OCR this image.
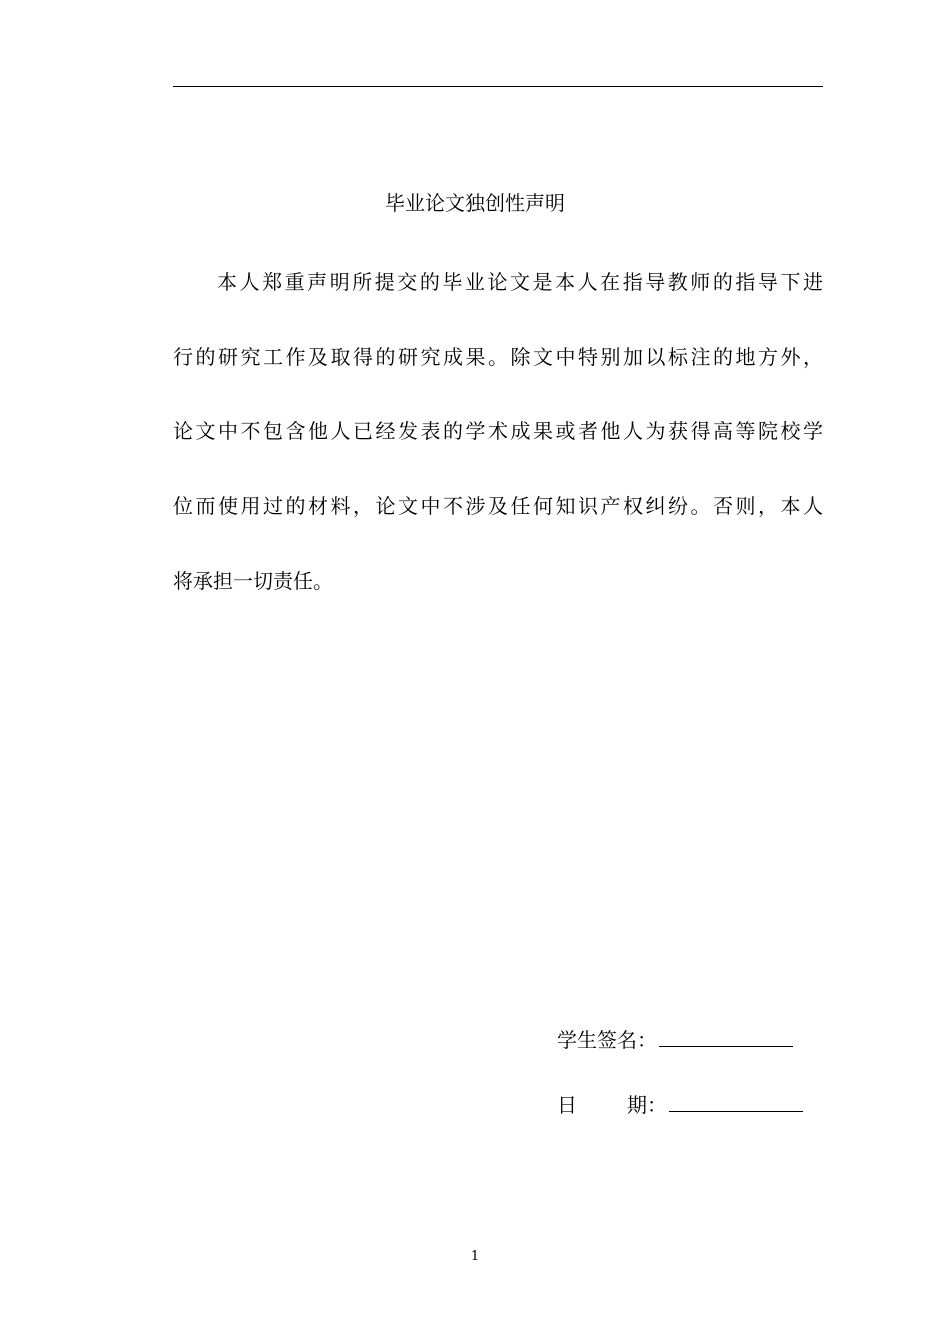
毕业论文独创性声明
本人郑重声明所提交的毕业论文是本人在指导教师的指导下进
行的研究工作及取得的研究成果。除文中特别加以标注的地方外，
论文中不包含他人已经发表的学术成果或者他人为获得高等院校学
位而使用过的材料，论文中不涉及任何知识产权纠纷。否则，本人
将承担一切责任。
学生签名：
日	期：
1
